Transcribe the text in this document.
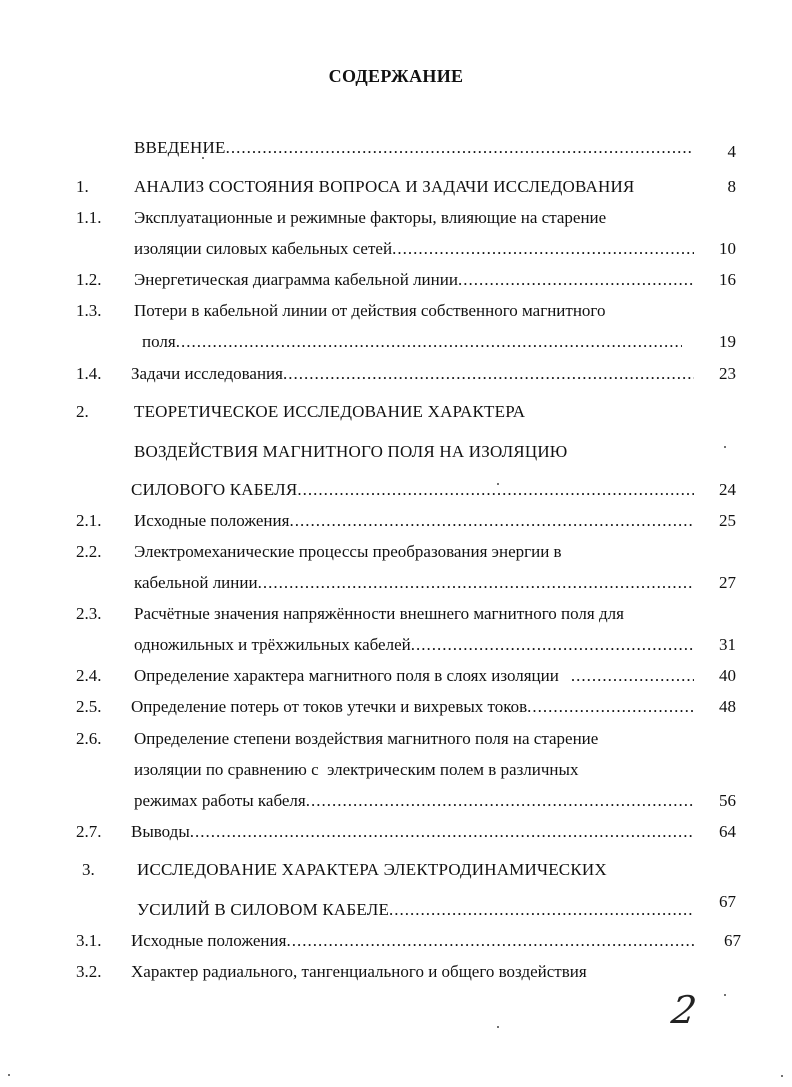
СОДЕРЖАНИЕ
ВВЕДЕНИЕ .....	4
1.	АНАЛИЗ СОСТОЯНИЯ ВОПРОСА И ЗАДАЧИ ИССЛЕДОВАНИЯ	8
1.1.	Эксплуатационные и режимные факторы, влияющие на старение
изоляции силовых кабельных сетей .....	10
1.2.	Энергетическая диаграмма кабельной линии .....	16
1.3.	Потери в кабельной линии от действия собственного магнитного
поля .....	19
1.4.	Задачи исследования .....	23
2.	ТЕОРЕТИЧЕСКОЕ ИССЛЕДОВАНИЕ ХАРАКТЕРА
ВОЗДЕЙСТВИЯ МАГНИТНОГО ПОЛЯ НА ИЗОЛЯЦИЮ
СИЛОВОГО КАБЕЛЯ .....	24
2.1.	Исходные положения .....	25
2.2.	Электромеханические процессы преобразования энергии в
кабельной линии .....	27
2.3.	Расчётные значения напряжённости внешнего магнитного поля для
одножильных и трёхжильных кабелей .....	31
2.4.	Определение характера магнитного поля в слоях изоляции .....	40
2.5.	Определение потерь от токов утечки и вихревых токов .....	48
2.6.	Определение степени воздействия магнитного поля на старение
изоляции по сравнению с  электрическим полем в различных
режимах работы кабеля .....	56
2.7.	Выводы .....	64
3.	ИССЛЕДОВАНИЕ ХАРАКТЕРА ЭЛЕКТРОДИНАМИЧЕСКИХ
УСИЛИЙ В СИЛОВОМ КАБЕЛЕ .....	67
3.1.	Исходные положения .....	67
3.2.	Характер радиального, тангенциального и общего воздействия
2
